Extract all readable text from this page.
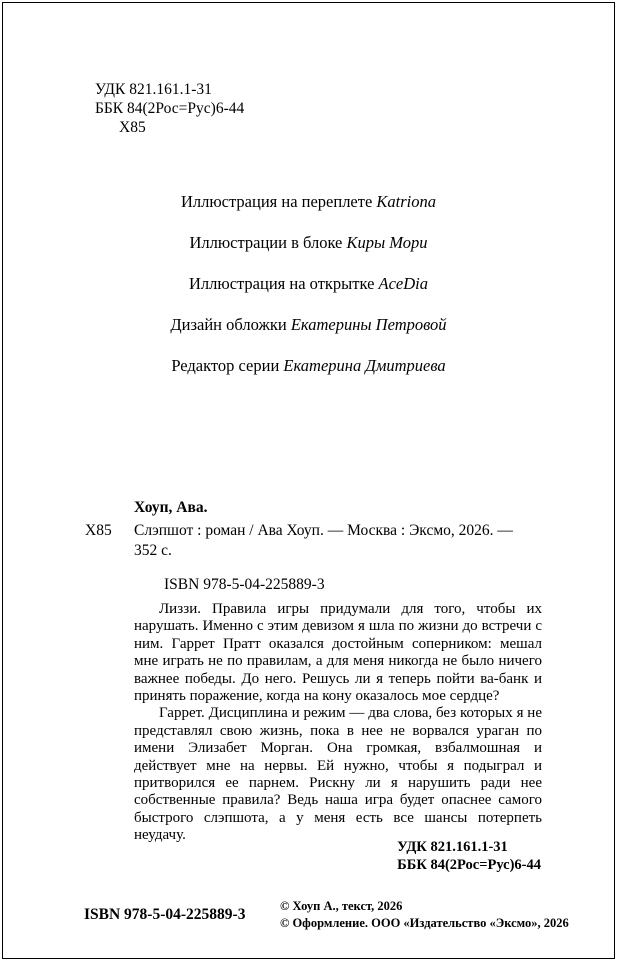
УДК 821.161.1-31
ББК 84(2Рос=Рус)6-44
Х85

Иллюстрация на переплете Katriona

Иллюстрации в блоке Киры Мори

Иллюстрация на открытке AceDia

Дизайн обложки Екатерины Петровой

Редактор серии Екатерина Дмитриева

Хоуп, Ава.

Х85	Слэпшот : роман / Ава Хоуп. — Москва : Эксмо, 2026. — 352 с.

ISBN 978-5-04-225889-3

Лиззи. Правила игры придумали для того, чтобы их нарушать. Именно с этим девизом я шла по жизни до встречи с ним. Гаррет Пратт оказался достойным соперником: мешал мне играть не по правилам, а для меня никогда не было ничего важнее победы. До него. Решусь ли я теперь пойти ва-банк и принять поражение, когда на кону оказалось мое сердце?

Гаррет. Дисциплина и режим — два слова, без которых я не представлял свою жизнь, пока в нее не ворвался ураган по имени Элизабет Морган. Она громкая, взбалмошная и действует мне на нервы. Ей нужно, чтобы я подыграл и притворился ее парнем. Рискну ли я нарушить ради нее собственные правила? Ведь наша игра будет опаснее самого быстрого слэпшота, а у меня есть все шансы потерпеть неудачу.

УДК 821.161.1-31
ББК 84(2Рос=Рус)6-44
ISBN 978-5-04-225889-3	© Хоуп А., текст, 2026
© Оформление. ООО «Издательство «Эксмо», 2026
